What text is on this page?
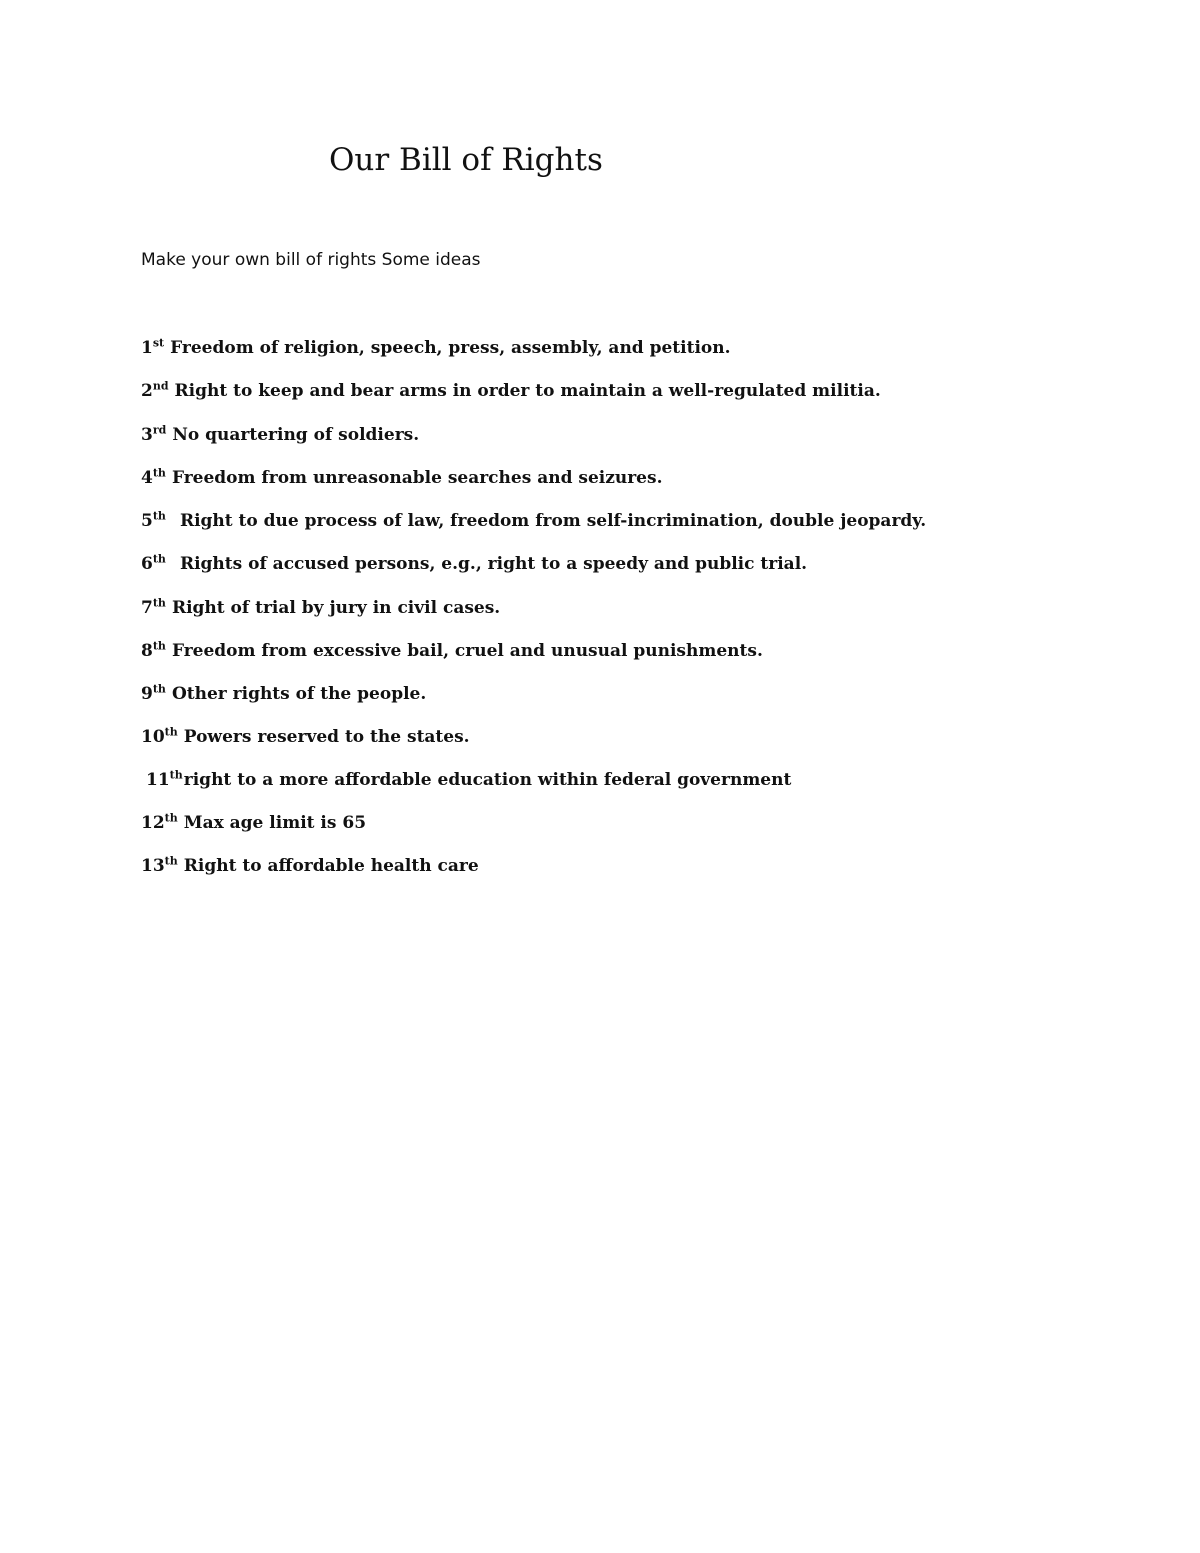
Our Bill of Rights

Make your own bill of rights Some ideas

1st Freedom of religion, speech, press, assembly, and petition.
2nd Right to keep and bear arms in order to maintain a well-regulated militia.
3rd No quartering of soldiers.
4th Freedom from unreasonable searches and seizures.
5th Right to due process of law, freedom from self-incrimination, double jeopardy.
6th Rights of accused persons, e.g., right to a speedy and public trial.
7th Right of trial by jury in civil cases.
8th Freedom from excessive bail, cruel and unusual punishments.
9th Other rights of the people.
10th Powers reserved to the states.
11thright to a more affordable education within federal government
12th Max age limit is 65
13th Right to affordable health care
